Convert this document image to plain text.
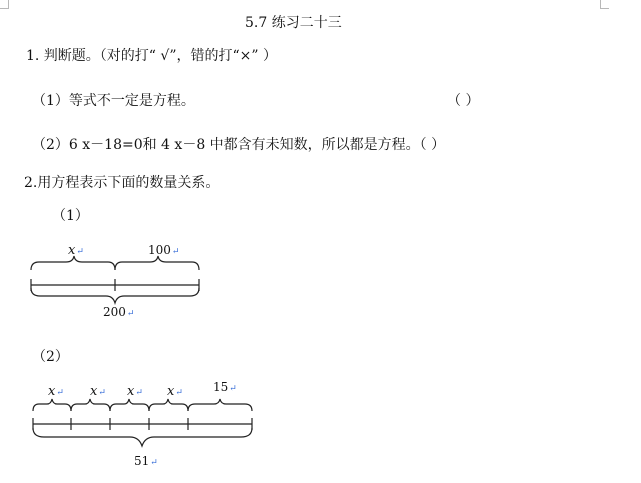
5.7 练习二十三
1. 判断题。（对的打“ √”，错的打“×” ）
（1）等式不一定是方程。	（ ）
（2）6 x－18=0和 4 x－8 中都含有未知数，所以都是方程。（ ）
2.用方程表示下面的数量关系。
（1）
x↵	100↵
200↵
（2）
x↵ x↵ x↵ x↵	15↵
51↵
